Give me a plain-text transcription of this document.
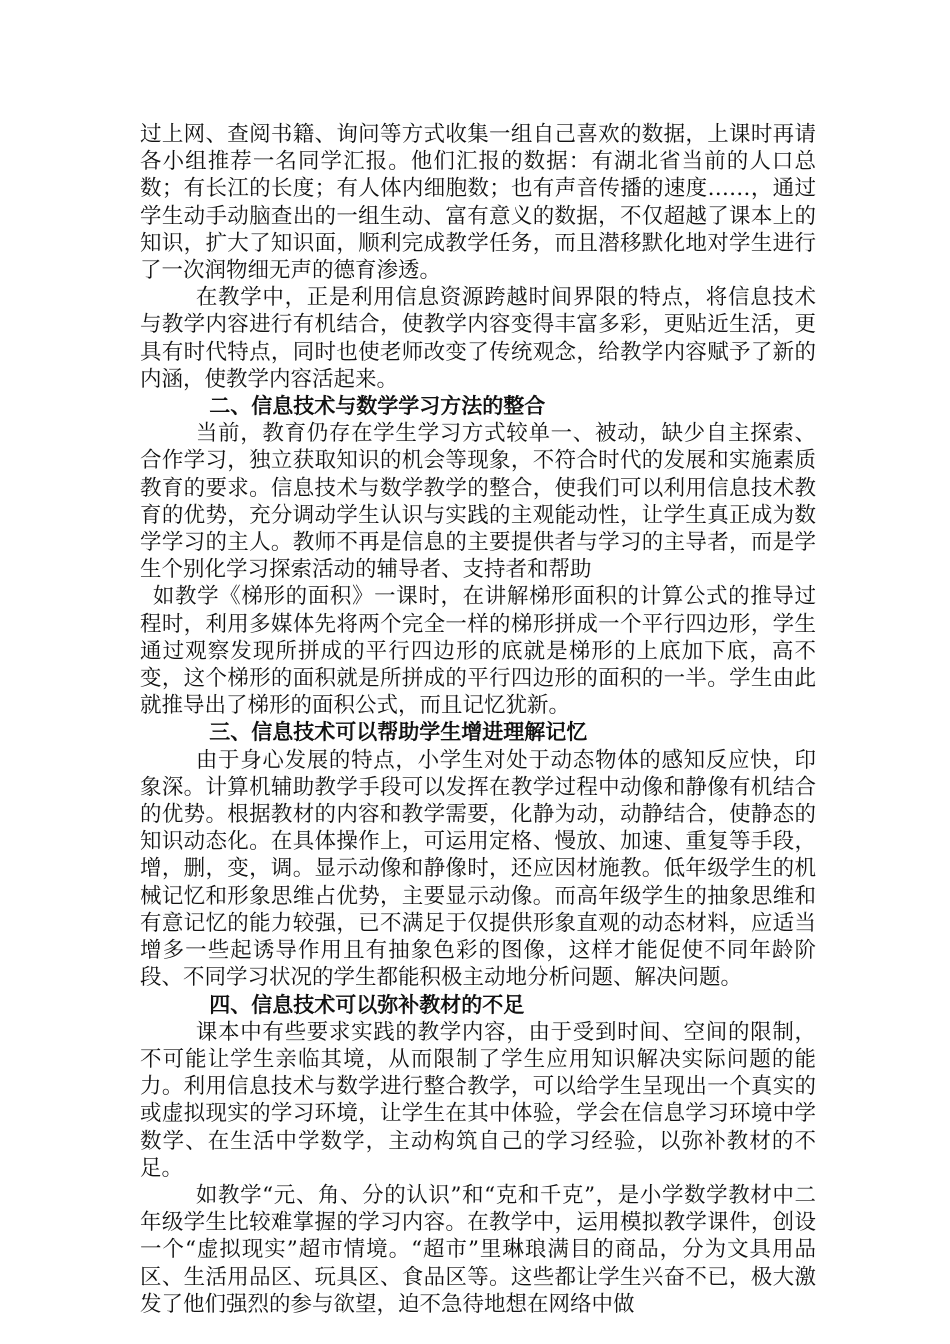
过上网、查阅书籍、询问等方式收集一组自己喜欢的数据，上课时再请各小组推荐一名同学汇报。他们汇报的数据：有湖北省当前的人口总数；有长江的长度；有人体内细胞数；也有声音传播的速度……，通过学生动手动脑查出的一组生动、富有意义的数据，不仅超越了课本上的知识，扩大了知识面，顺利完成教学任务，而且潜移默化地对学生进行了一次润物细无声的德育渗透。

在教学中，正是利用信息资源跨越时间界限的特点，将信息技术与教学内容进行有机结合，使教学内容变得丰富多彩，更贴近生活，更具有时代特点，同时也使老师改变了传统观念，给教学内容赋予了新的内涵，使教学内容活起来。

二、信息技术与数学学习方法的整合

当前，教育仍存在学生学习方式较单一、被动，缺少自主探索、合作学习，独立获取知识的机会等现象，不符合时代的发展和实施素质教育的要求。信息技术与数学教学的整合，使我们可以利用信息技术教育的优势，充分调动学生认识与实践的主观能动性，让学生真正成为数学学习的主人。教师不再是信息的主要提供者与学习的主导者，而是学生个别化学习探索活动的辅导者、支持者和帮助

如教学《梯形的面积》一课时，在讲解梯形面积的计算公式的推导过程时，利用多媒体先将两个完全一样的梯形拼成一个平行四边形，学生通过观察发现所拼成的平行四边形的底就是梯形的上底加下底，高不变，这个梯形的面积就是所拼成的平行四边形的面积的一半。学生由此就推导出了梯形的面积公式，而且记忆犹新。

三、信息技术可以帮助学生增进理解记忆

由于身心发展的特点，小学生对处于动态物体的感知反应快，印象深。计算机辅助教学手段可以发挥在教学过程中动像和静像有机结合的优势。根据教材的内容和教学需要，化静为动，动静结合，使静态的知识动态化。在具体操作上，可运用定格、慢放、加速、重复等手段，增，删，变，调。显示动像和静像时，还应因材施教。低年级学生的机械记忆和形象思维占优势，主要显示动像。而高年级学生的抽象思维和有意记忆的能力较强，已不满足于仅提供形象直观的动态材料，应适当增多一些起诱导作用且有抽象色彩的图像，这样才能促使不同年龄阶段、不同学习状况的学生都能积极主动地分析问题、解决问题。

四、信息技术可以弥补教材的不足

课本中有些要求实践的教学内容，由于受到时间、空间的限制，不可能让学生亲临其境，从而限制了学生应用知识解决实际问题的能力。利用信息技术与数学进行整合教学，可以给学生呈现出一个真实的或虚拟现实的学习环境，让学生在其中体验，学会在信息学习环境中学数学、在生活中学数学，主动构筑自己的学习经验，以弥补教材的不足。

如教学“元、角、分的认识”和“克和千克”，是小学数学教材中二年级学生比较难掌握的学习内容。在教学中，运用模拟教学课件，创设一个“虚拟现实”超市情境。“超市”里琳琅满目的商品，分为文具用品区、生活用品区、玩具区、食品区等。这些都让学生兴奋不已，极大激发了他们强烈的参与欲望，迫不急待地想在网络中做
